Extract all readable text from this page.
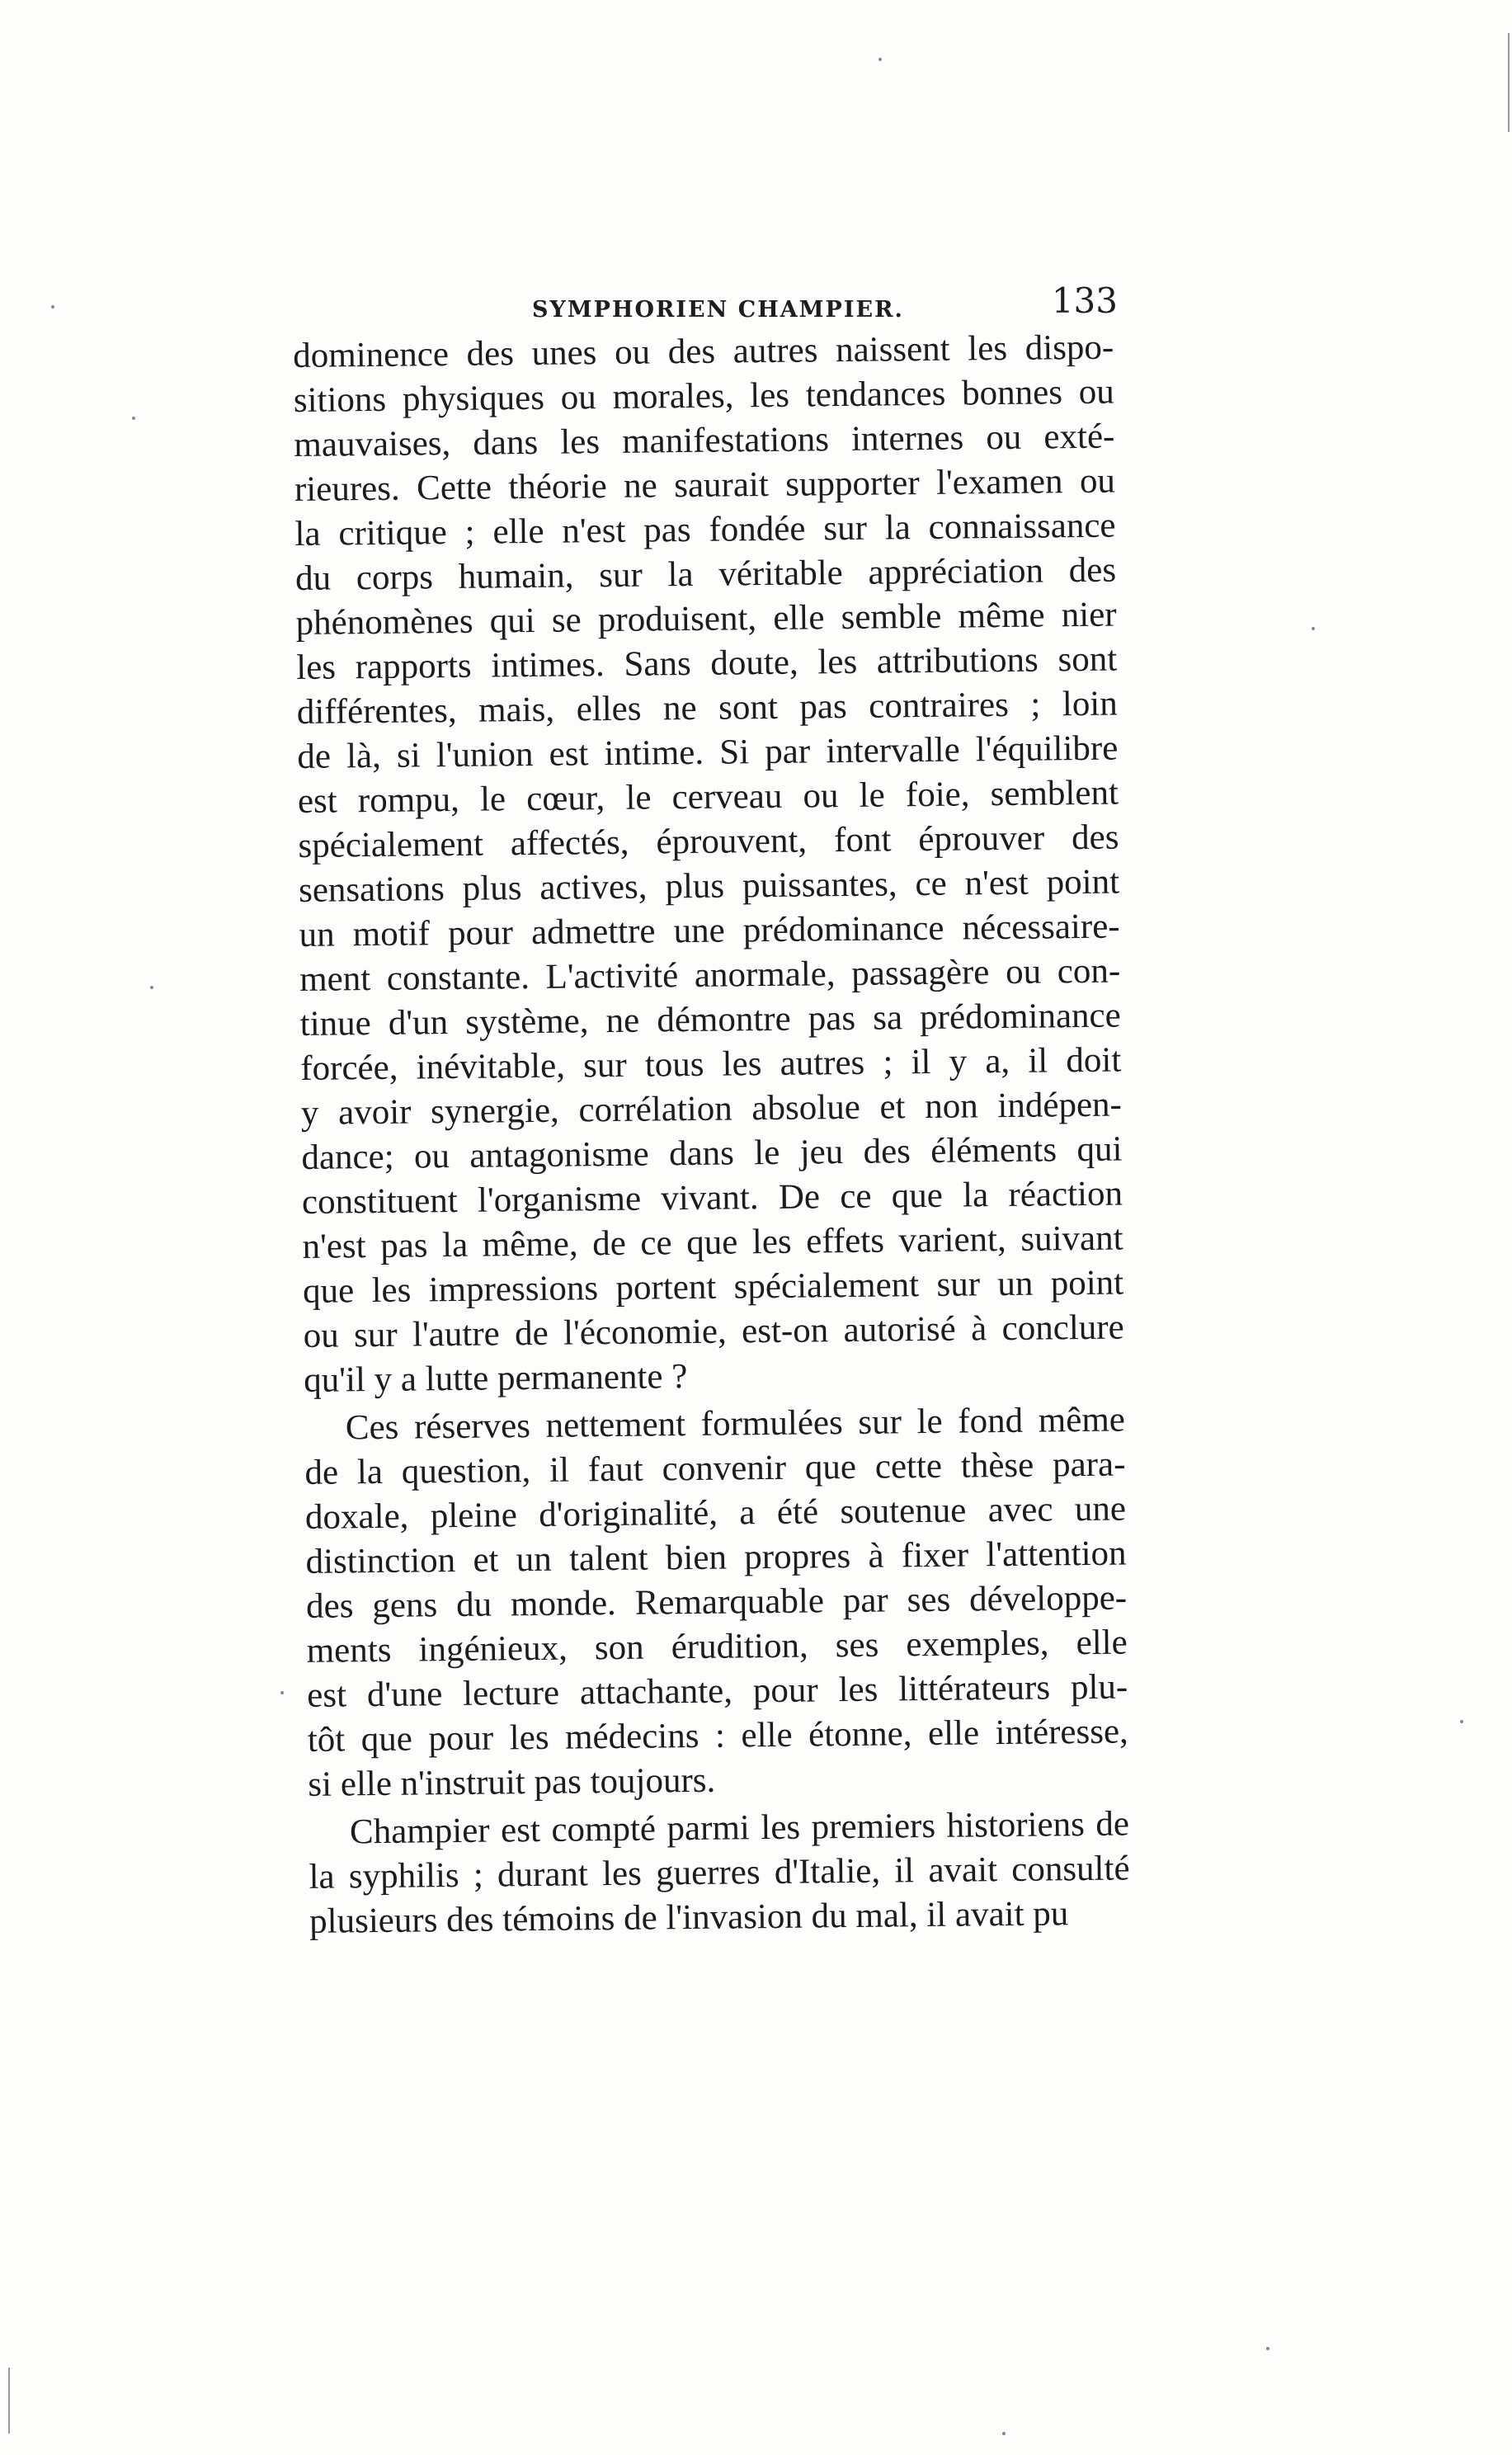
SYMPHORIEN CHAMPIER.	133
dominence des unes ou des autres naissent les dispo-
sitions physiques ou morales, les tendances bonnes ou
mauvaises, dans les manifestations internes ou exté-
rieures. Cette théorie ne saurait supporter l'examen ou
la critique ; elle n'est pas fondée sur la connaissance
du corps humain, sur la véritable appréciation des
phénomènes qui se produisent, elle semble même nier
les rapports intimes. Sans doute, les attributions sont
différentes, mais, elles ne sont pas contraires ; loin
de là, si l'union est intime. Si par intervalle l'équilibre
est rompu, le cœur, le cerveau ou le foie, semblent
spécialement affectés, éprouvent, font éprouver des
sensations plus actives, plus puissantes, ce n'est point
un motif pour admettre une prédominance nécessaire-
ment constante. L'activité anormale, passagère ou con-
tinue d'un système, ne démontre pas sa prédominance
forcée, inévitable, sur tous les autres ; il y a, il doit
y avoir synergie, corrélation absolue et non indépen-
dance; ou antagonisme dans le jeu des éléments qui
constituent l'organisme vivant. De ce que la réaction
n'est pas la même, de ce que les effets varient, suivant
que les impressions portent spécialement sur un point
ou sur l'autre de l'économie, est-on autorisé à conclure
qu'il y a lutte permanente ?
Ces réserves nettement formulées sur le fond même
de la question, il faut convenir que cette thèse para-
doxale, pleine d'originalité, a été soutenue avec une
distinction et un talent bien propres à fixer l'attention
des gens du monde. Remarquable par ses développe-
ments ingénieux, son érudition, ses exemples, elle
est d'une lecture attachante, pour les littérateurs plu-
tôt que pour les médecins : elle étonne, elle intéresse,
si elle n'instruit pas toujours.
Champier est compté parmi les premiers historiens de
la syphilis ; durant les guerres d'Italie, il avait consulté
plusieurs des témoins de l'invasion du mal, il avait pu
